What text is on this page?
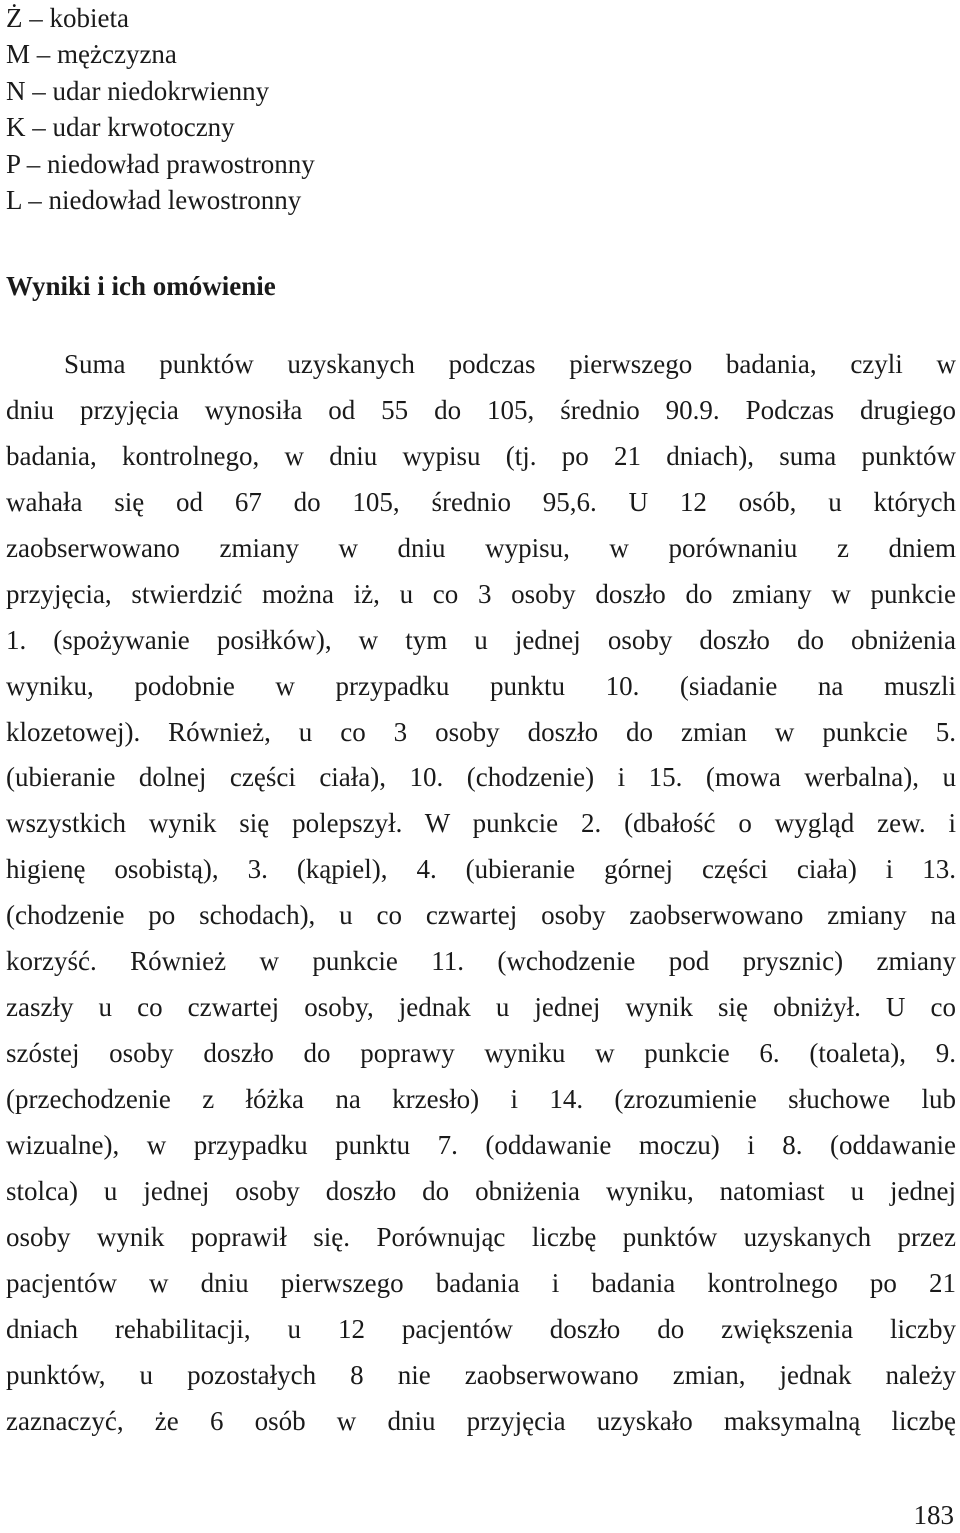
Ż – kobieta
M – mężczyzna
N – udar niedokrwienny
K – udar krwotoczny
P – niedowład prawostronny
L – niedowład lewostronny
Wyniki i ich omówienie
Suma punktów uzyskanych podczas pierwszego badania, czyli w
dniu przyjęcia wynosiła od 55 do 105, średnio 90.9. Podczas drugiego
badania, kontrolnego, w dniu wypisu (tj. po 21 dniach), suma punktów
wahała się od 67 do 105, średnio 95,6. U 12 osób, u których
zaobserwowano zmiany w dniu wypisu, w porównaniu z dniem
przyjęcia, stwierdzić można iż, u co 3 osoby doszło do zmiany w punkcie
1. (spożywanie posiłków), w tym u jednej osoby doszło do obniżenia
wyniku, podobnie w przypadku punktu 10. (siadanie na muszli
klozetowej). Również, u co 3 osoby doszło do zmian w punkcie 5.
(ubieranie dolnej części ciała), 10. (chodzenie) i 15. (mowa werbalna), u
wszystkich wynik się polepszył. W punkcie 2. (dbałość o wygląd zew. i
higienę osobistą), 3. (kąpiel), 4. (ubieranie górnej części ciała) i 13.
(chodzenie po schodach), u co czwartej osoby zaobserwowano zmiany na
korzyść. Również w punkcie 11. (wchodzenie pod prysznic) zmiany
zaszły u co czwartej osoby, jednak u jednej wynik się obniżył. U co
szóstej osoby doszło do poprawy wyniku w punkcie 6. (toaleta), 9.
(przechodzenie z łóżka na krzesło) i 14. (zrozumienie słuchowe lub
wizualne), w przypadku punktu 7. (oddawanie moczu) i 8. (oddawanie
stolca) u jednej osoby doszło do obniżenia wyniku, natomiast u jednej
osoby wynik poprawił się. Porównując liczbę punktów uzyskanych przez
pacjentów w dniu pierwszego badania i badania kontrolnego po 21
dniach rehabilitacji, u 12 pacjentów doszło do zwiększenia liczby
punktów, u pozostałych 8 nie zaobserwowano zmian, jednak należy
zaznaczyć, że 6 osób w dniu przyjęcia uzyskało maksymalną liczbę
183
